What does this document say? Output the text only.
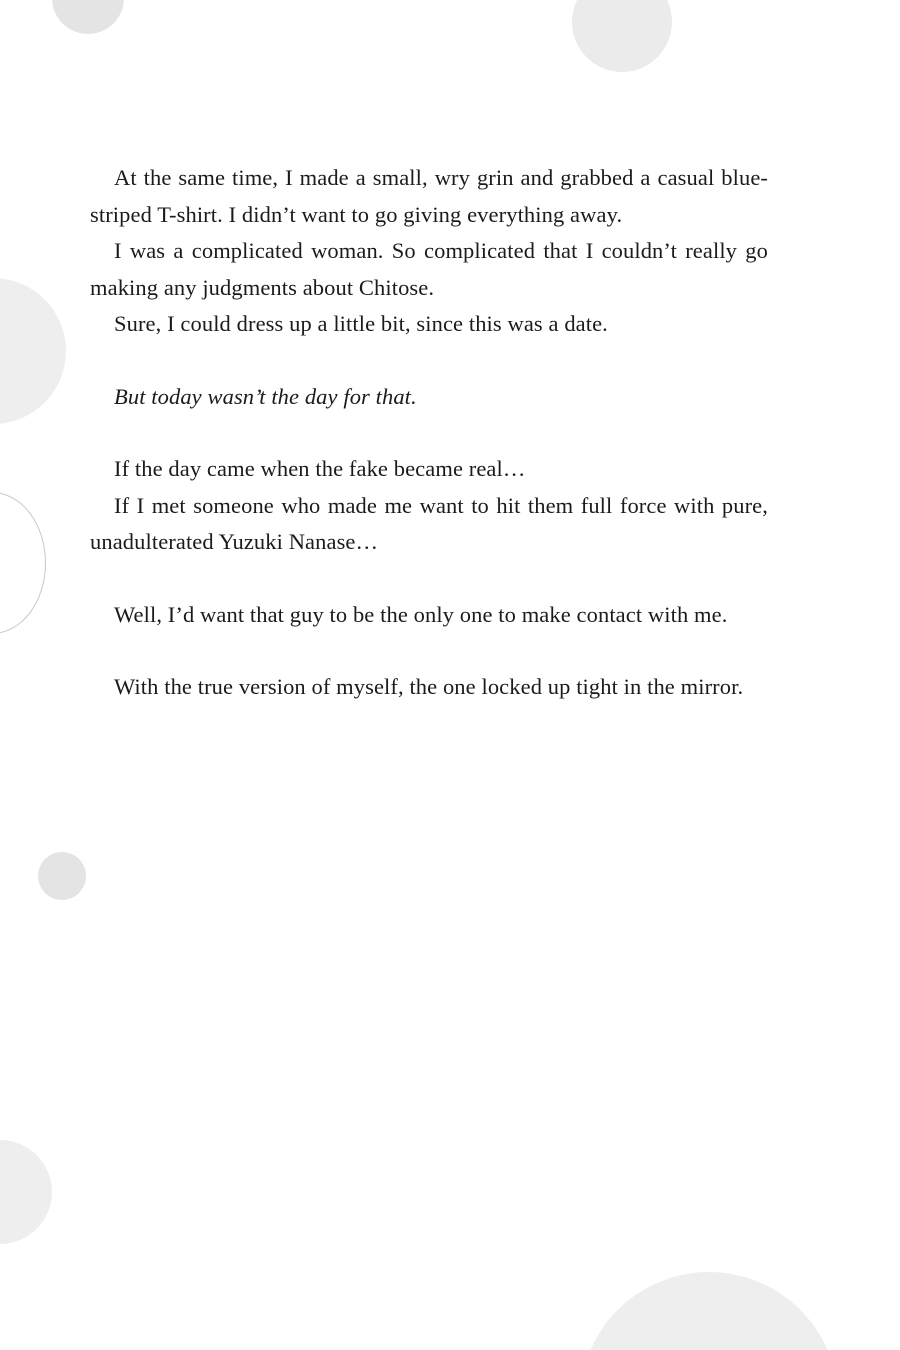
At the same time, I made a small, wry grin and grabbed a casual blue-striped T-shirt. I didn’t want to go giving everything away.

I was a complicated woman. So complicated that I couldn’t really go making any judgments about Chitose.

Sure, I could dress up a little bit, since this was a date.

But today wasn’t the day for that.

If the day came when the fake became real…

If I met someone who made me want to hit them full force with pure, unadulterated Yuzuki Nanase…

Well, I’d want that guy to be the only one to make contact with me.

With the true version of myself, the one locked up tight in the mirror.
